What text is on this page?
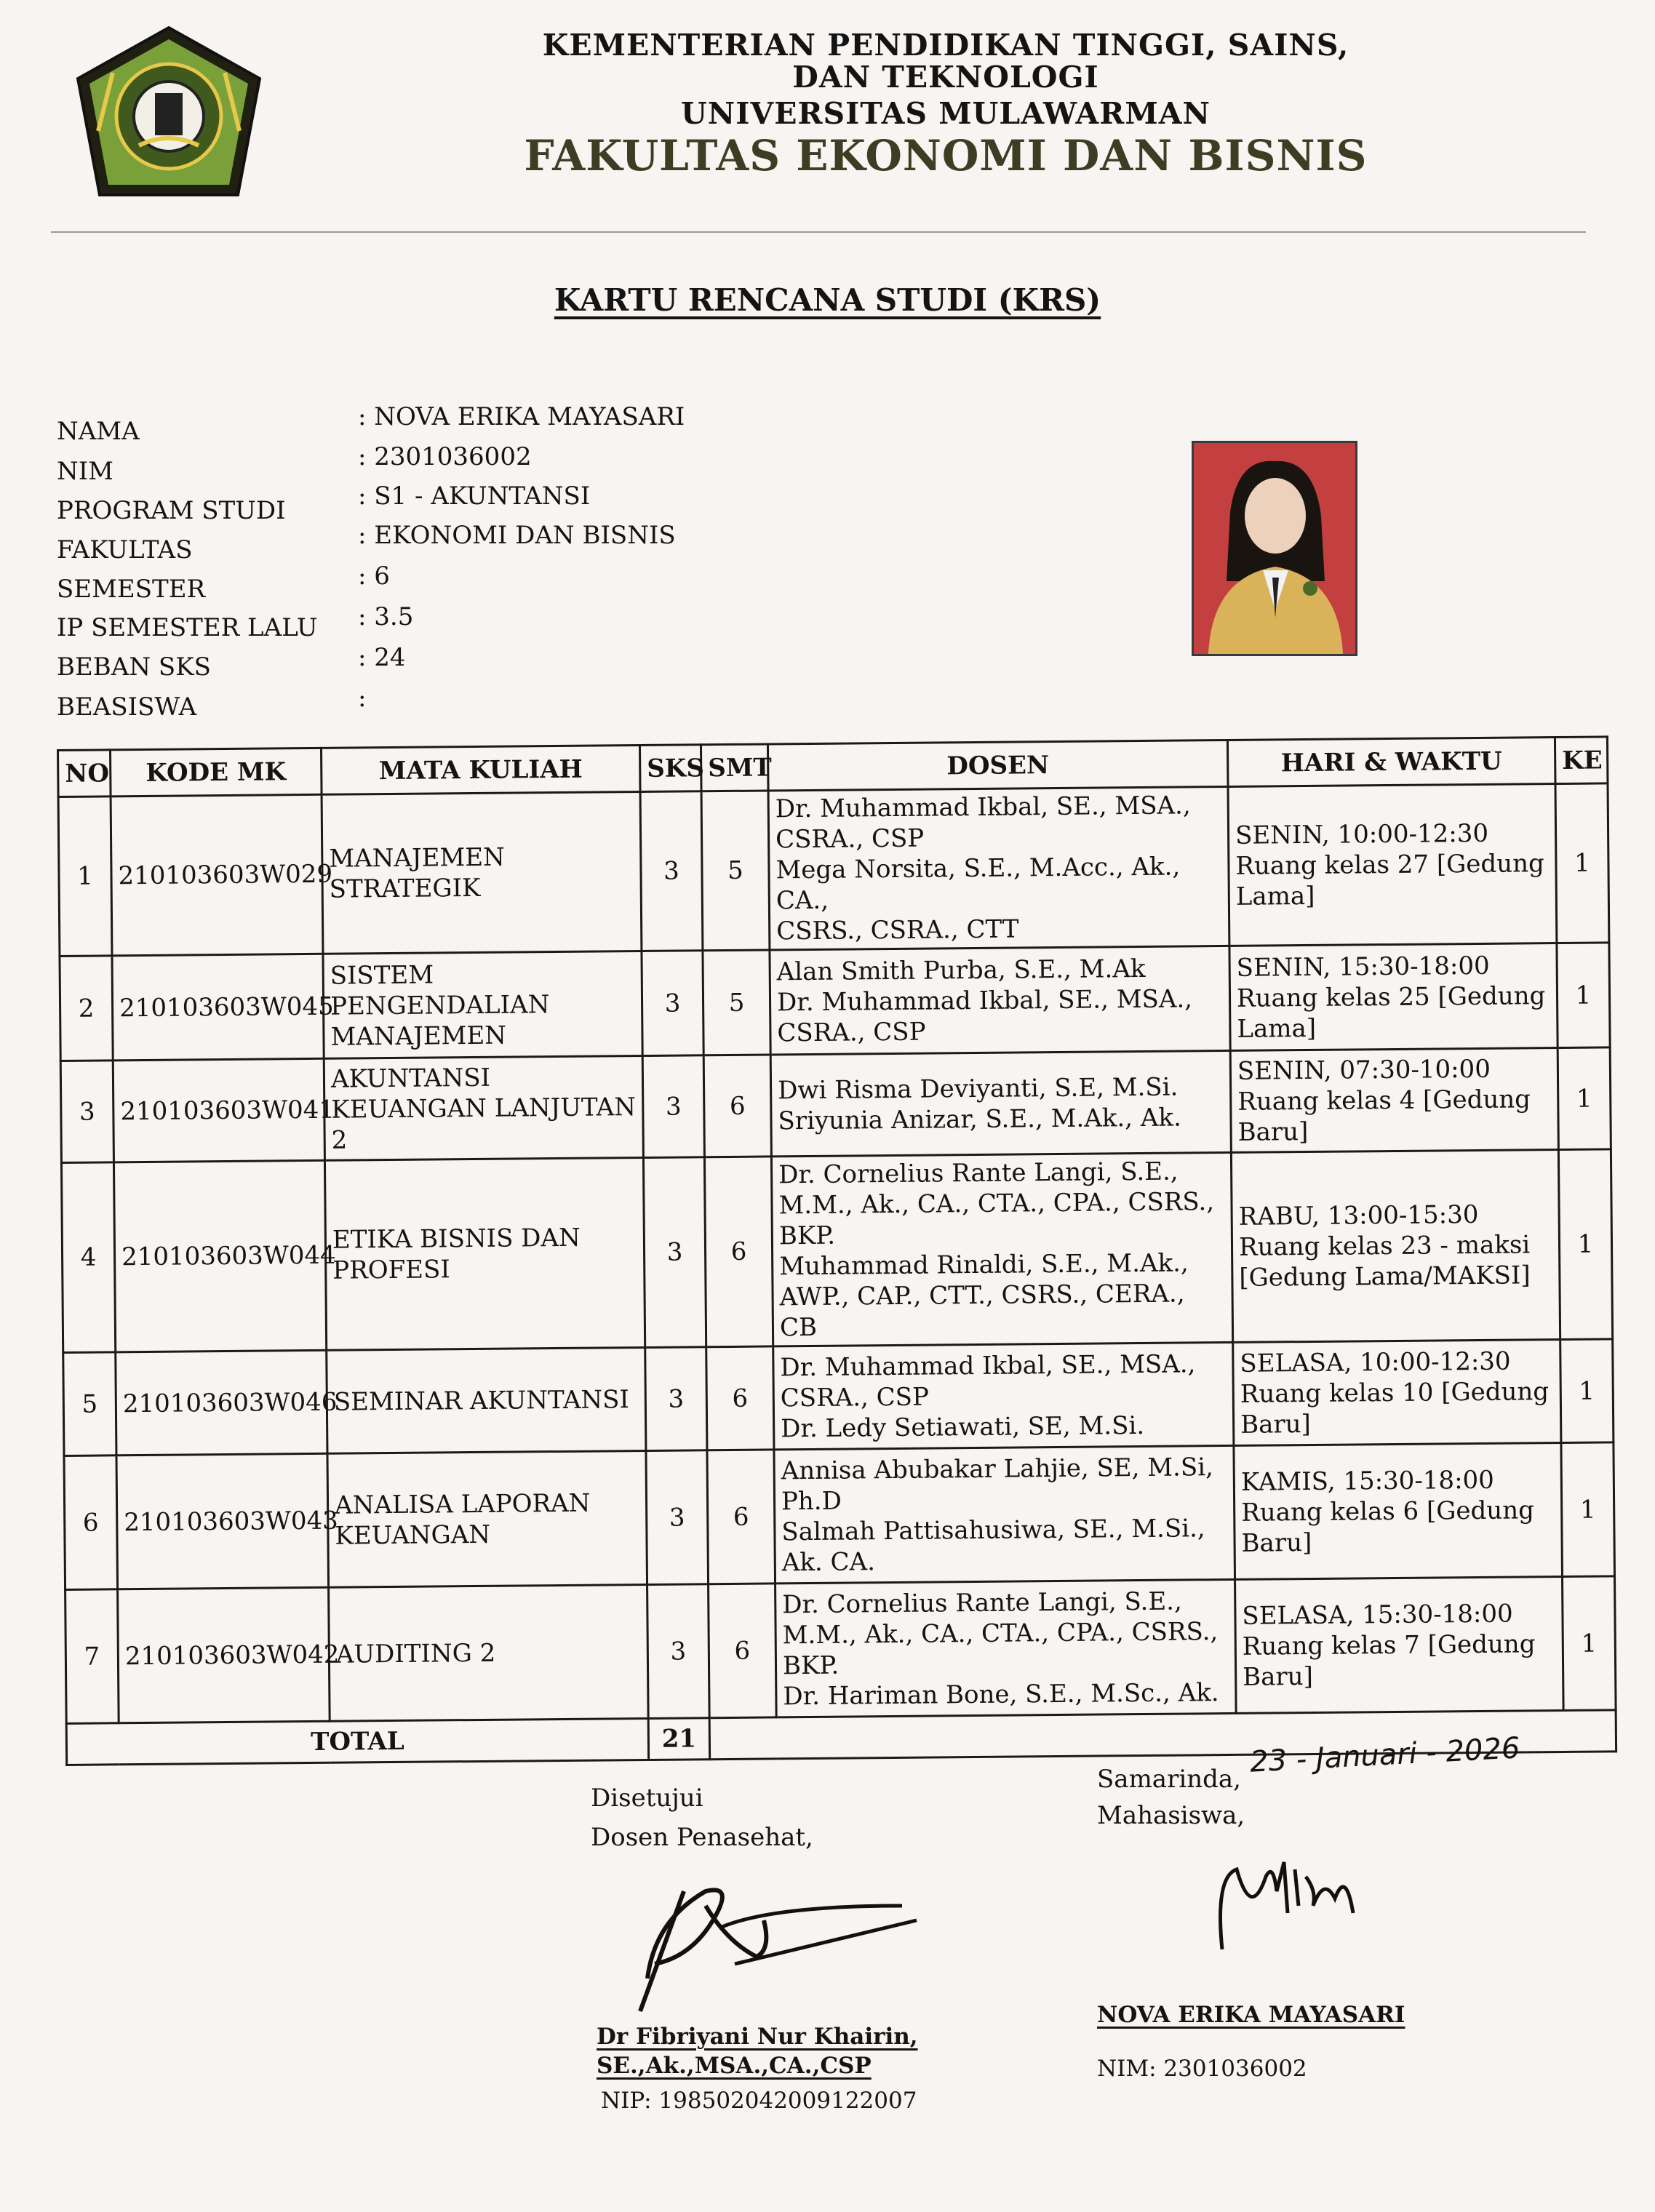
KEMENTERIAN PENDIDIKAN TINGGI, SAINS,
DAN TEKNOLOGI
UNIVERSITAS MULAWARMAN
FAKULTAS EKONOMI DAN BISNIS
KARTU RENCANA STUDI (KRS)
NAMA	: NOVA ERIKA MAYASARI
NIM	: 2301036002
PROGRAM STUDI	: S1 - AKUNTANSI
FAKULTAS	: EKONOMI DAN BISNIS
SEMESTER	: 6
IP SEMESTER LALU : 3.5
BEBAN SKS	: 24
BEASISWA	:
NO	KODE MK	MATA KULIAH	SKS	SMT	DOSEN	HARI & WAKTU	KE
1	210103603W029	MANAJEMEN
STRATEGIK	3	5	Dr. Muhammad Ikbal, SE., MSA.,
CSRA., CSP
Mega Norsita, S.E., M.Acc., Ak., CA.,
CSRS., CSRA., CTT	SENIN, 10:00-12:30
Ruang kelas 27 [Gedung
Lama]	1
2	210103603W045	SISTEM
PENGENDALIAN
MANAJEMEN	3	5	Alan Smith Purba, S.E., M.Ak
Dr. Muhammad Ikbal, SE., MSA.,
CSRA., CSP	SENIN, 15:30-18:00
Ruang kelas 25 [Gedung
Lama]	1
3	210103603W041	AKUNTANSI
KEUANGAN LANJUTAN
2	3	6	Dwi Risma Deviyanti, S.E, M.Si.
Sriyunia Anizar, S.E., M.Ak., Ak.	SENIN, 07:30-10:00
Ruang kelas 4 [Gedung
Baru]	1
4	210103603W044	ETIKA BISNIS DAN
PROFESI	3	6	Dr. Cornelius Rante Langi, S.E.,
M.M., Ak., CA., CTA., CPA., CSRS.,
BKP.
Muhammad Rinaldi, S.E., M.Ak.,
AWP., CAP., CTT., CSRS., CERA., CB	RABU, 13:00-15:30
Ruang kelas 23 - maksi
[Gedung Lama/MAKSI]	1
5	210103603W046	SEMINAR AKUNTANSI	3	6	Dr. Muhammad Ikbal, SE., MSA.,
CSRA., CSP
Dr. Ledy Setiawati, SE, M.Si.	SELASA, 10:00-12:30
Ruang kelas 10 [Gedung
Baru]	1
6	210103603W043	ANALISA LAPORAN
KEUANGAN	3	6	Annisa Abubakar Lahjie, SE, M.Si,
Ph.D
Salmah Pattisahusiwa, SE., M.Si.,
Ak. CA.	KAMIS, 15:30-18:00
Ruang kelas 6 [Gedung
Baru]	1
7	210103603W042	AUDITING 2	3	6	Dr. Cornelius Rante Langi, S.E.,
M.M., Ak., CA., CTA., CPA., CSRS.,
BKP.
Dr. Hariman Bone, S.E., M.Sc., Ak.	SELASA, 15:30-18:00
Ruang kelas 7 [Gedung
Baru]	1
TOTAL			21				
Disetujui
Dosen Penasehat,
Dr Fibriyani Nur Khairin,
SE.,Ak.,MSA.,CA.,CSP
NIP: 198502042009122007
Samarinda,
23 - Januari - 2026
Mahasiswa,
NOVA ERIKA MAYASARI
NIM: 2301036002
